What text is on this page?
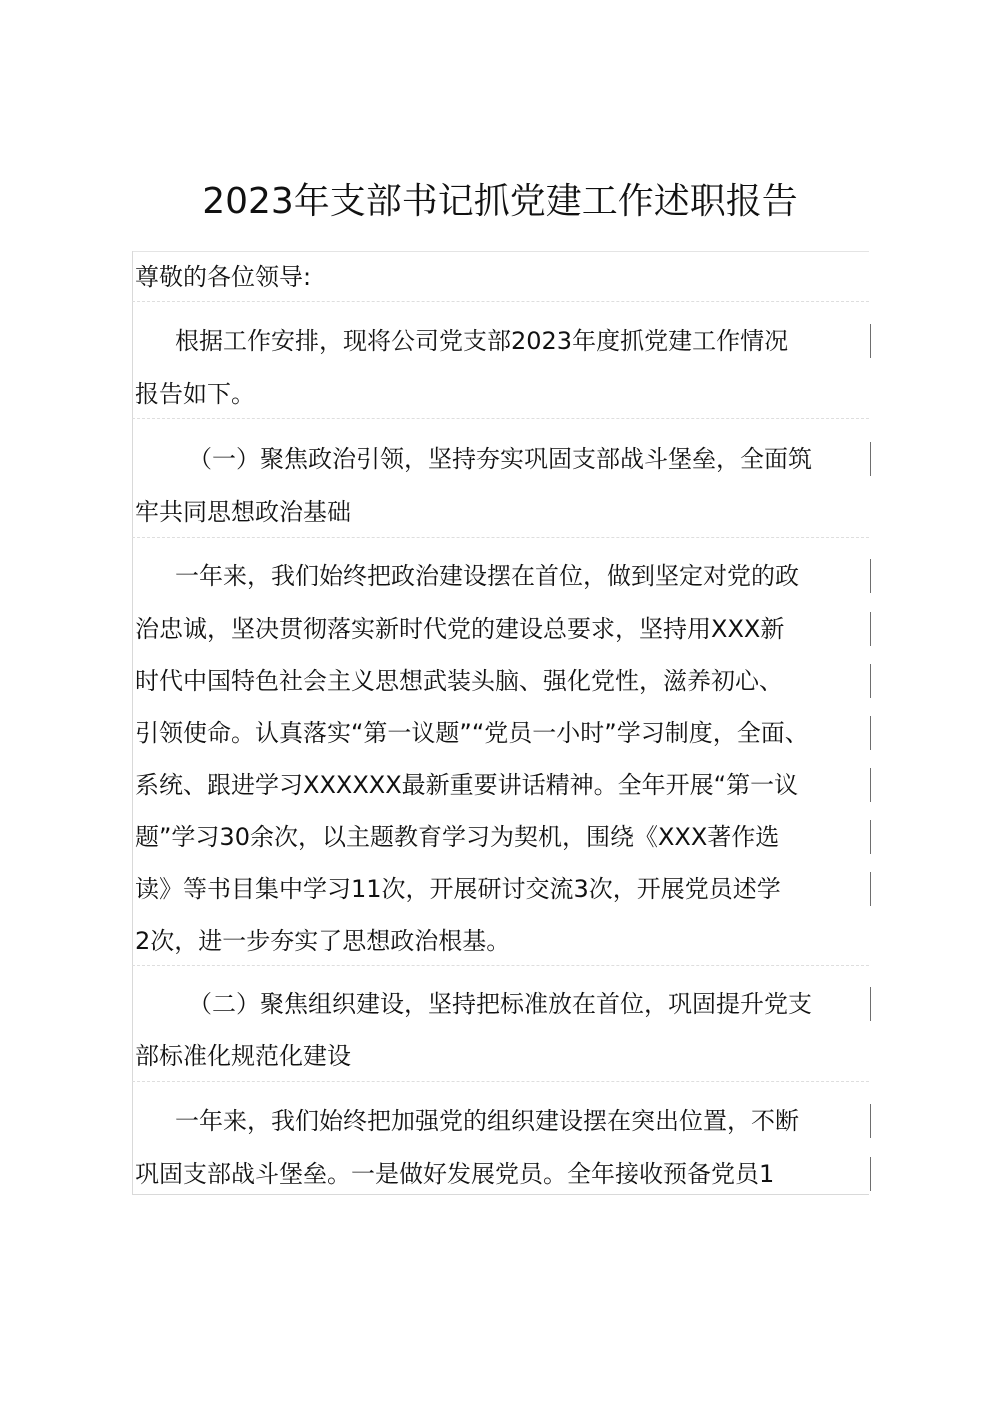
2023年支部书记抓党建工作述职报告
尊敬的各位领导:
根据工作安排，现将公司党支部2023年度抓党建工作情况
报告如下。
（一）聚焦政治引领，坚持夯实巩固支部战斗堡垒，全面筑
牢共同思想政治基础
一年来，我们始终把政治建设摆在首位，做到坚定对党的政
治忠诚，坚决贯彻落实新时代党的建设总要求，坚持用XXX新
时代中国特色社会主义思想武装头脑、强化党性，滋养初心、
引领使命。认真落实“第一议题”“党员一小时”学习制度，全面、
系统、跟进学习XXXXXX最新重要讲话精神。全年开展“第一议
题”学习30余次，以主题教育学习为契机，围绕《XXX著作选
读》等书目集中学习11次，开展研讨交流3次，开展党员述学
2次，进一步夯实了思想政治根基。
（二）聚焦组织建设，坚持把标准放在首位，巩固提升党支
部标准化规范化建设
一年来，我们始终把加强党的组织建设摆在突出位置，不断
巩固支部战斗堡垒。一是做好发展党员。全年接收预备党员1
